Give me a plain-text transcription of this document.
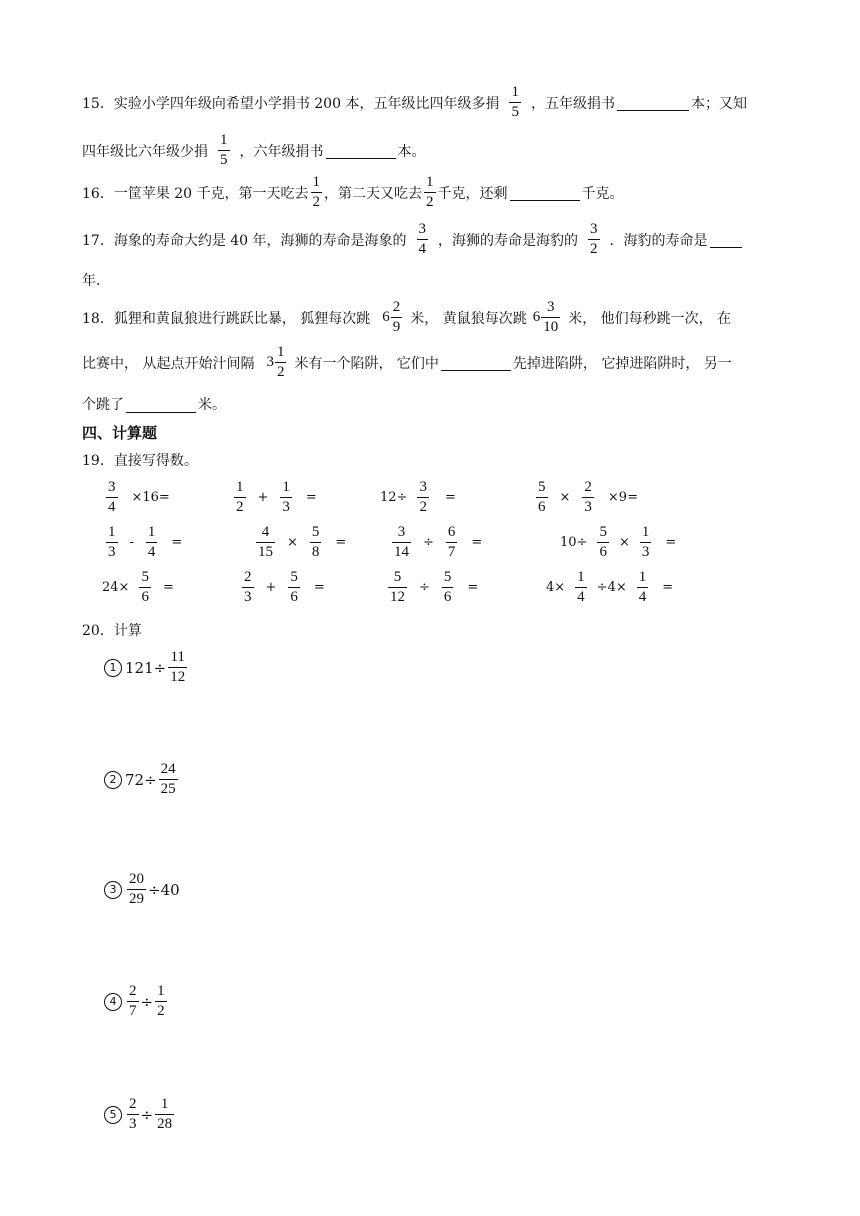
15． 实验小学四年级向希望小学捐书 200 本，五年级比四年级多捐 $\frac{1}{5}$ ，五年级捐书	本；又知
四年级比六年级少捐 $\frac{1}{5}$ ，六年级捐书	本。
16． 一筐苹果 20 千克，第一天吃去 $\frac{1}{2}$ ，第二天又吃去 $\frac{1}{2}$ 千克，还剩	千克。
17． 海象的寿命大约是 40 年，海狮的寿命是海象的 $\frac{3}{4}$ ，海狮的寿命是海豹的 $\frac{3}{2}$ ．海豹的寿命是
年．
18． 狐狸和黄鼠狼进行跳跃比暴， 狐狸每次跳 $6 \frac{2}{9}$ 米， 黄鼠狼每次跳 $6 \frac{3}{10}$ 米， 他们每秒跳一次， 在
比赛中， 从起点开始汁间隔 $3 \frac{1}{2}$ 米有一个陷阱， 它们中	先掉进陷阱， 它掉进陷阱时， 另一
个跳了	米。
四、计算题
19．直接写得数。
$\frac{3}{4} \times 16=$	$\frac{1}{2} + \frac{1}{3}$ =	$12\div \frac{3}{2}$ =	$\frac{5}{6} \times \frac{2}{3} \times 9=$
$\frac{1}{3} - \frac{1}{4}$ =	$\frac{4}{15} \times \frac{5}{8}$ =	$\frac{3}{14} \div \frac{6}{7}$ =	$10\div \frac{5}{6} \times \frac{1}{3}$ =
$24\times \frac{5}{6}$ =	$\frac{2}{3} + \frac{5}{6}$ =	$\frac{5}{12} \div \frac{5}{6}$ =	$4\times \frac{1}{4} \div 4\times \frac{1}{4}$ =
20．计算
1 $121\div \frac{11}{12}$
2 $72\div \frac{24}{25}$
$3 \frac{20}{29} \div 40$
$4 \frac{2}{7} \div \frac{1}{2}$
$5 \frac{2}{3} \div \frac{1}{28}$
